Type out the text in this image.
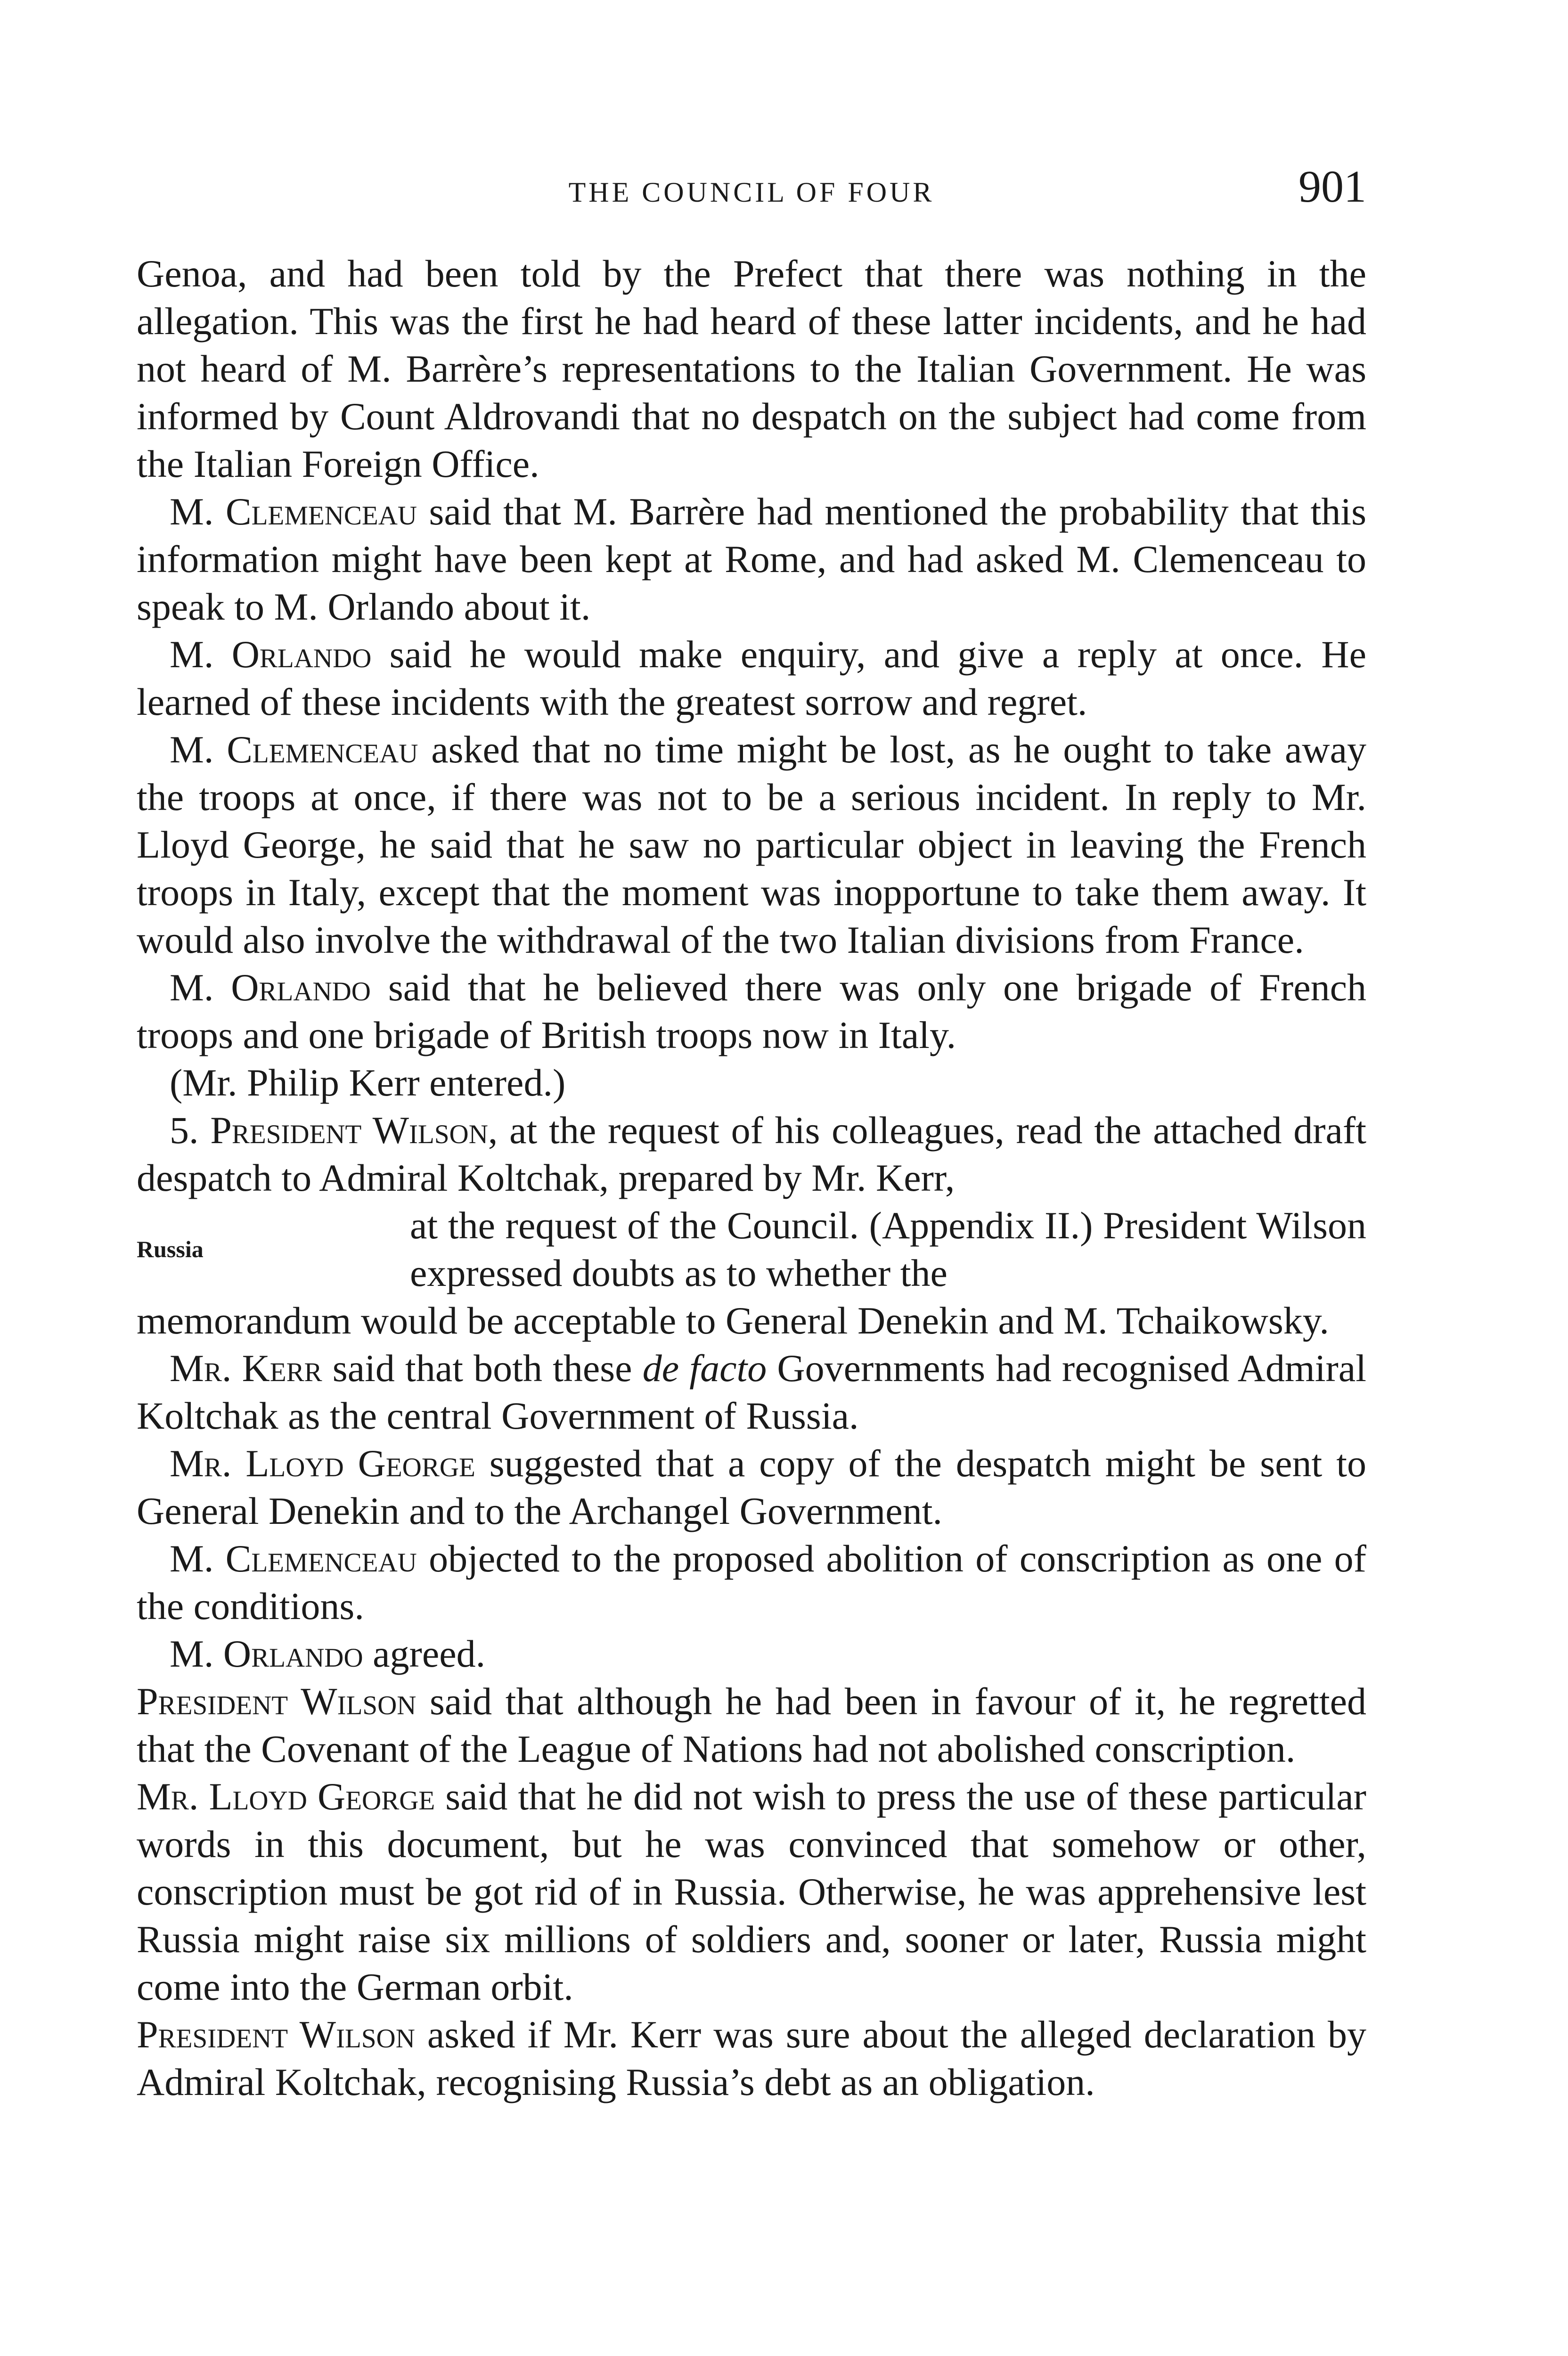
THE COUNCIL OF FOUR	901

Genoa, and had been told by the Prefect that there was nothing in the allegation. This was the first he had heard of these latter incidents, and he had not heard of M. Barrère’s representations to the Italian Government. He was informed by Count Aldrovandi that no despatch on the subject had come from the Italian Foreign Office.

M. Clemenceau said that M. Barrère had mentioned the probability that this information might have been kept at Rome, and had asked M. Clemenceau to speak to M. Orlando about it.

M. Orlando said he would make enquiry, and give a reply at once. He learned of these incidents with the greatest sorrow and regret.

M. Clemenceau asked that no time might be lost, as he ought to take away the troops at once, if there was not to be a serious incident. In reply to Mr. Lloyd George, he said that he saw no particular object in leaving the French troops in Italy, except that the moment was inopportune to take them away. It would also involve the withdrawal of the two Italian divisions from France.

M. Orlando said that he believed there was only one brigade of French troops and one brigade of British troops now in Italy.

(Mr. Philip Kerr entered.)

5. President Wilson, at the request of his colleagues, read the attached draft despatch to Admiral Koltchak, prepared by Mr. Kerr,

Russia
at the request of the Council. (Appendix II.) President Wilson expressed doubts as to whether the

memorandum would be acceptable to General Denekin and M. Tchaikowsky.

Mr. Kerr said that both these de facto Governments had recognised Admiral Koltchak as the central Government of Russia.

Mr. Lloyd George suggested that a copy of the despatch might be sent to General Denekin and to the Archangel Government.

M. Clemenceau objected to the proposed abolition of conscription as one of the conditions.

M. Orlando agreed.

President Wilson said that although he had been in favour of it, he regretted that the Covenant of the League of Nations had not abolished conscription.

Mr. Lloyd George said that he did not wish to press the use of these particular words in this document, but he was convinced that somehow or other, conscription must be got rid of in Russia. Otherwise, he was apprehensive lest Russia might raise six millions of soldiers and, sooner or later, Russia might come into the German orbit.

President Wilson asked if Mr. Kerr was sure about the alleged declaration by Admiral Koltchak, recognising Russia’s debt as an obligation.
